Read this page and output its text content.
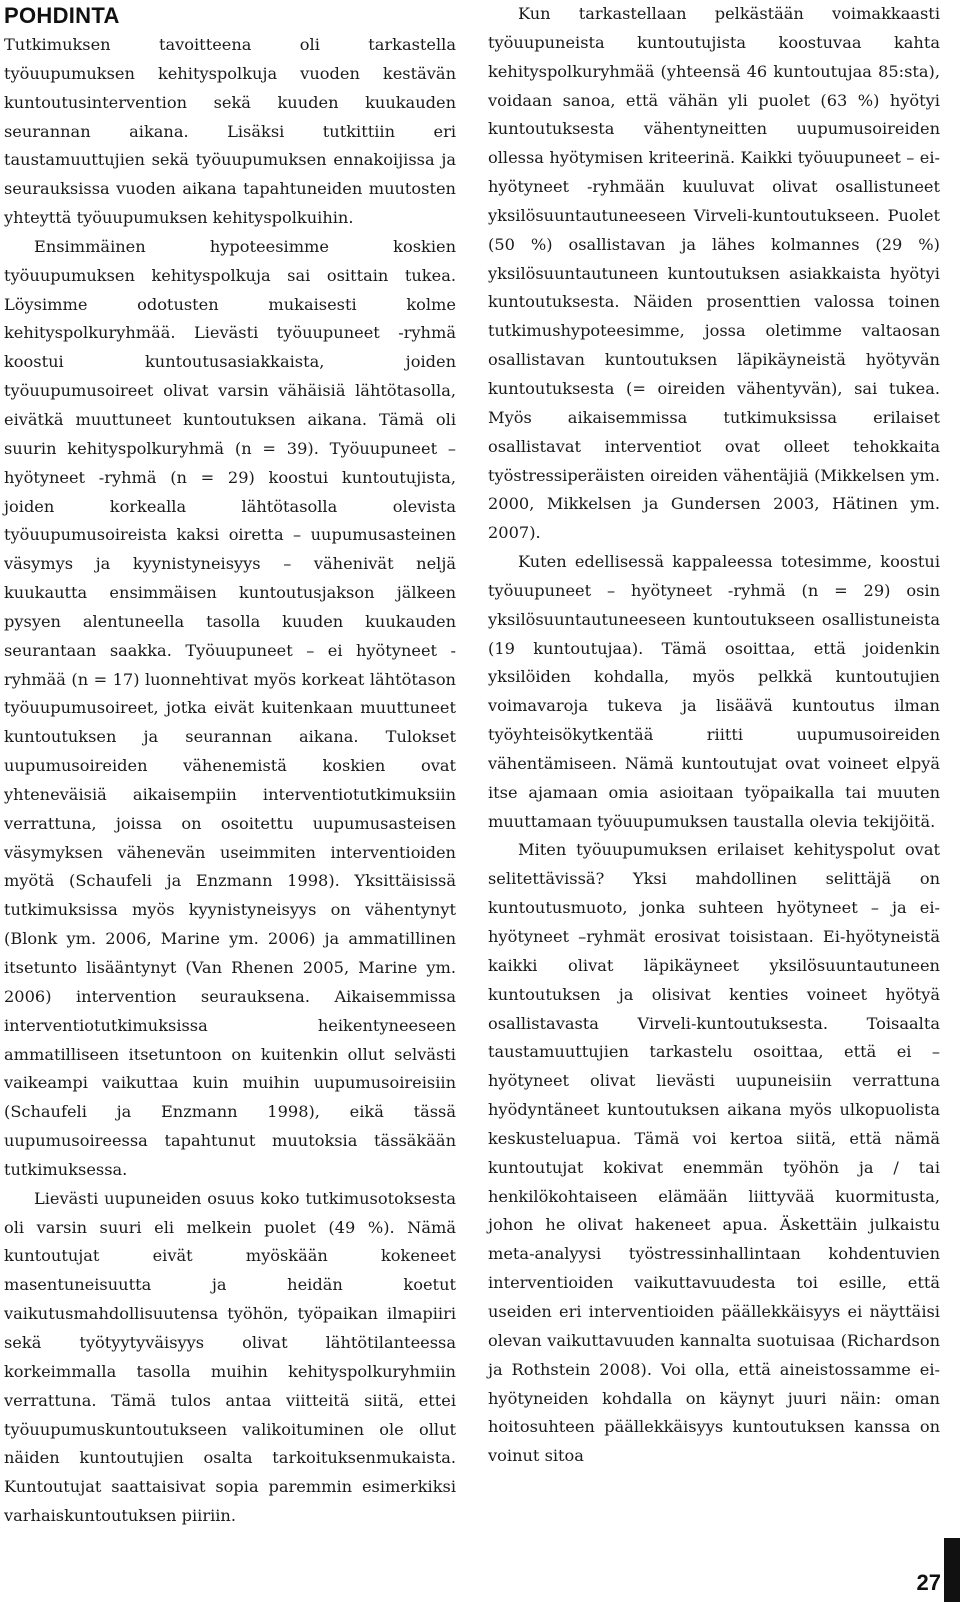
POHDINTA

Tutkimuksen tavoitteena oli tarkastella työuupumuksen kehityspolkuja vuoden kestävän kuntoutusintervention sekä kuuden kuukauden seurannan aikana. Lisäksi tutkittiin eri taustamuuttujien sekä työuupumuksen ennakoijissa ja seurauksissa vuoden aikana tapahtuneiden muutosten yhteyttä työuupumuksen kehityspolkuihin.

Ensimmäinen hypoteesimme koskien työuupumuksen kehityspolkuja sai osittain tukea. Löysimme odotusten mukaisesti kolme kehityspolkuryhmää. Lievästi työuupuneet -ryhmä koostui kuntoutusasiakkaista, joiden työuupumusoireet olivat varsin vähäisiä lähtötasolla, eivätkä muuttuneet kuntoutuksen aikana. Tämä oli suurin kehityspolkuryhmä (n = 39). Työuupuneet –hyötyneet -ryhmä (n = 29) koostui kuntoutujista, joiden korkealla lähtötasolla olevista työuupumusoireista kaksi oiretta – uupumusasteinen väsymys ja kyynistyneisyys – vähenivät neljä kuukautta ensimmäisen kuntoutusjakson jälkeen pysyen alentuneella tasolla kuuden kuukauden seurantaan saakka. Työuupuneet – ei hyötyneet -ryhmää (n = 17) luonnehtivat myös korkeat lähtötason työuupumusoireet, jotka eivät kuitenkaan muuttuneet kuntoutuksen ja seurannan aikana. Tulokset uupumusoireiden vähenemistä koskien ovat yhteneväisiä aikaisempiin interventiotutkimuksiin verrattuna, joissa on osoitettu uupumusasteisen väsymyksen vähenevän useimmiten interventioiden myötä (Schaufeli ja Enzmann 1998). Yksittäisissä tutkimuksissa myös kyynistyneisyys on vähentynyt (Blonk ym. 2006, Marine ym. 2006) ja ammatillinen itsetunto lisääntynyt (Van Rhenen 2005, Marine ym. 2006) intervention seurauksena. Aikaisemmissa interventiotutkimuksissa heikentyneeseen ammatilliseen itsetuntoon on kuitenkin ollut selvästi vaikeampi vaikuttaa kuin muihin uupumusoireisiin (Schaufeli ja Enzmann 1998), eikä tässä uupumusoireessa tapahtunut muutoksia tässäkään tutkimuksessa.

Lievästi uupuneiden osuus koko tutkimusotoksesta oli varsin suuri eli melkein puolet (49 %). Nämä kuntoutujat eivät myöskään kokeneet masentuneisuutta ja heidän koetut vaikutusmahdollisuutensa työhön, työpaikan ilmapiiri sekä työtyytyväisyys olivat lähtötilanteessa korkeimmalla tasolla muihin kehityspolkuryhmiin verrattuna. Tämä tulos antaa viitteitä siitä, ettei työuupumuskuntoutukseen valikoituminen ole ollut näiden kuntoutujien osalta tarkoituksenmukaista. Kuntoutujat saattaisivat sopia paremmin esimerkiksi varhaiskuntoutuksen piiriin.

Kun tarkastellaan pelkästään voimakkaasti työuupuneista kuntoutujista koostuvaa kahta kehityspolkuryhmää (yhteensä 46 kuntoutujaa 85:sta), voidaan sanoa, että vähän yli puolet (63 %) hyötyi kuntoutuksesta vähentyneitten uupumusoireiden ollessa hyötymisen kriteerinä. Kaikki työuupuneet – ei-hyötyneet -ryhmään kuuluvat olivat osallistuneet yksilösuuntautuneeseen Virveli-kuntoutukseen. Puolet (50 %) osallistavan ja lähes kolmannes (29 %) yksilösuuntautuneen kuntoutuksen asiakkaista hyötyi kuntoutuksesta. Näiden prosenttien valossa toinen tutkimushypoteesimme, jossa oletimme valtaosan osallistavan kuntoutuksen läpikäyneistä hyötyvän kuntoutuksesta (= oireiden vähentyvän), sai tukea. Myös aikaisemmissa tutkimuksissa erilaiset osallistavat interventiot ovat olleet tehokkaita työstressiperäisten oireiden vähentäjiä (Mikkelsen ym. 2000, Mikkelsen ja Gundersen 2003, Hätinen ym. 2007).

Kuten edellisessä kappaleessa totesimme, koostui työuupuneet – hyötyneet -ryhmä (n = 29) osin yksilösuuntautuneeseen kuntoutukseen osallistuneista (19 kuntoutujaa). Tämä osoittaa, että joidenkin yksilöiden kohdalla, myös pelkkä kuntoutujien voimavaroja tukeva ja lisäävä kuntoutus ilman työyhteisökytkentää riitti uupumusoireiden vähentämiseen. Nämä kuntoutujat ovat voineet elpyä itse ajamaan omia asioitaan työpaikalla tai muuten muuttamaan työuupumuksen taustalla olevia tekijöitä.

Miten työuupumuksen erilaiset kehityspolut ovat selitettävissä? Yksi mahdollinen selittäjä on kuntoutusmuoto, jonka suhteen hyötyneet – ja ei-hyötyneet –ryhmät erosivat toisistaan. Ei-hyötyneistä kaikki olivat läpikäyneet yksilösuuntautuneen kuntoutuksen ja olisivat kenties voineet hyötyä osallistavasta Virveli-kuntoutuksesta. Toisaalta taustamuuttujien tarkastelu osoittaa, että ei – hyötyneet olivat lievästi uupuneisiin verrattuna hyödyntäneet kuntoutuksen aikana myös ulkopuolista keskusteluapua. Tämä voi kertoa siitä, että nämä kuntoutujat kokivat enemmän työhön ja / tai henkilökohtaiseen elämään liittyvää kuormitusta, johon he olivat hakeneet apua. Äskettäin julkaistu meta-analyysi työstressinhallintaan kohdentuvien interventioiden vaikuttavuudesta toi esille, että useiden eri interventioiden päällekkäisyys ei näyttäisi olevan vaikuttavuuden kannalta suotuisaa (Richardson ja Rothstein 2008). Voi olla, että aineistossamme ei-hyötyneiden kohdalla on käynyt juuri näin: oman hoitosuhteen päällekkäisyys kuntoutuksen kanssa on voinut sitoa

27
